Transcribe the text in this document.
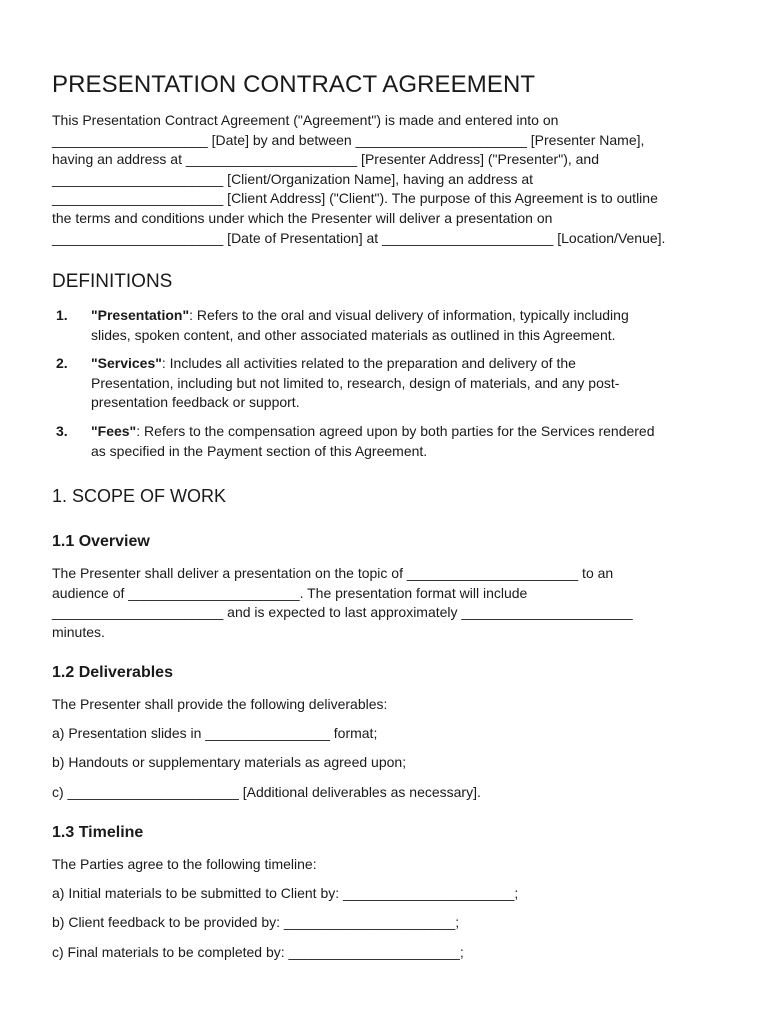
PRESENTATION CONTRACT AGREEMENT

This Presentation Contract Agreement ("Agreement") is made and entered into on
____________________ [Date] by and between ______________________ [Presenter Name],
having an address at ______________________ [Presenter Address] ("Presenter"), and
______________________ [Client/Organization Name], having an address at
______________________ [Client Address] ("Client"). The purpose of this Agreement is to outline
the terms and conditions under which the Presenter will deliver a presentation on
______________________ [Date of Presentation] at ______________________ [Location/Venue].

DEFINITIONS
1. "Presentation": Refers to the oral and visual delivery of information, typically including
slides, spoken content, and other associated materials as outlined in this Agreement.
2. "Services": Includes all activities related to the preparation and delivery of the
Presentation, including but not limited to, research, design of materials, and any post-
presentation feedback or support.
3. "Fees": Refers to the compensation agreed upon by both parties for the Services rendered
as specified in the Payment section of this Agreement.
1. SCOPE OF WORK
1.1 Overview

The Presenter shall deliver a presentation on the topic of ______________________ to an
audience of ______________________. The presentation format will include
______________________ and is expected to last approximately ______________________
minutes.

1.2 Deliverables

The Presenter shall provide the following deliverables:

a) Presentation slides in ________________ format;

b) Handouts or supplementary materials as agreed upon;

c) ______________________ [Additional deliverables as necessary].

1.3 Timeline

The Parties agree to the following timeline:

a) Initial materials to be submitted to Client by: ______________________;

b) Client feedback to be provided by: ______________________;

c) Final materials to be completed by: ______________________;
